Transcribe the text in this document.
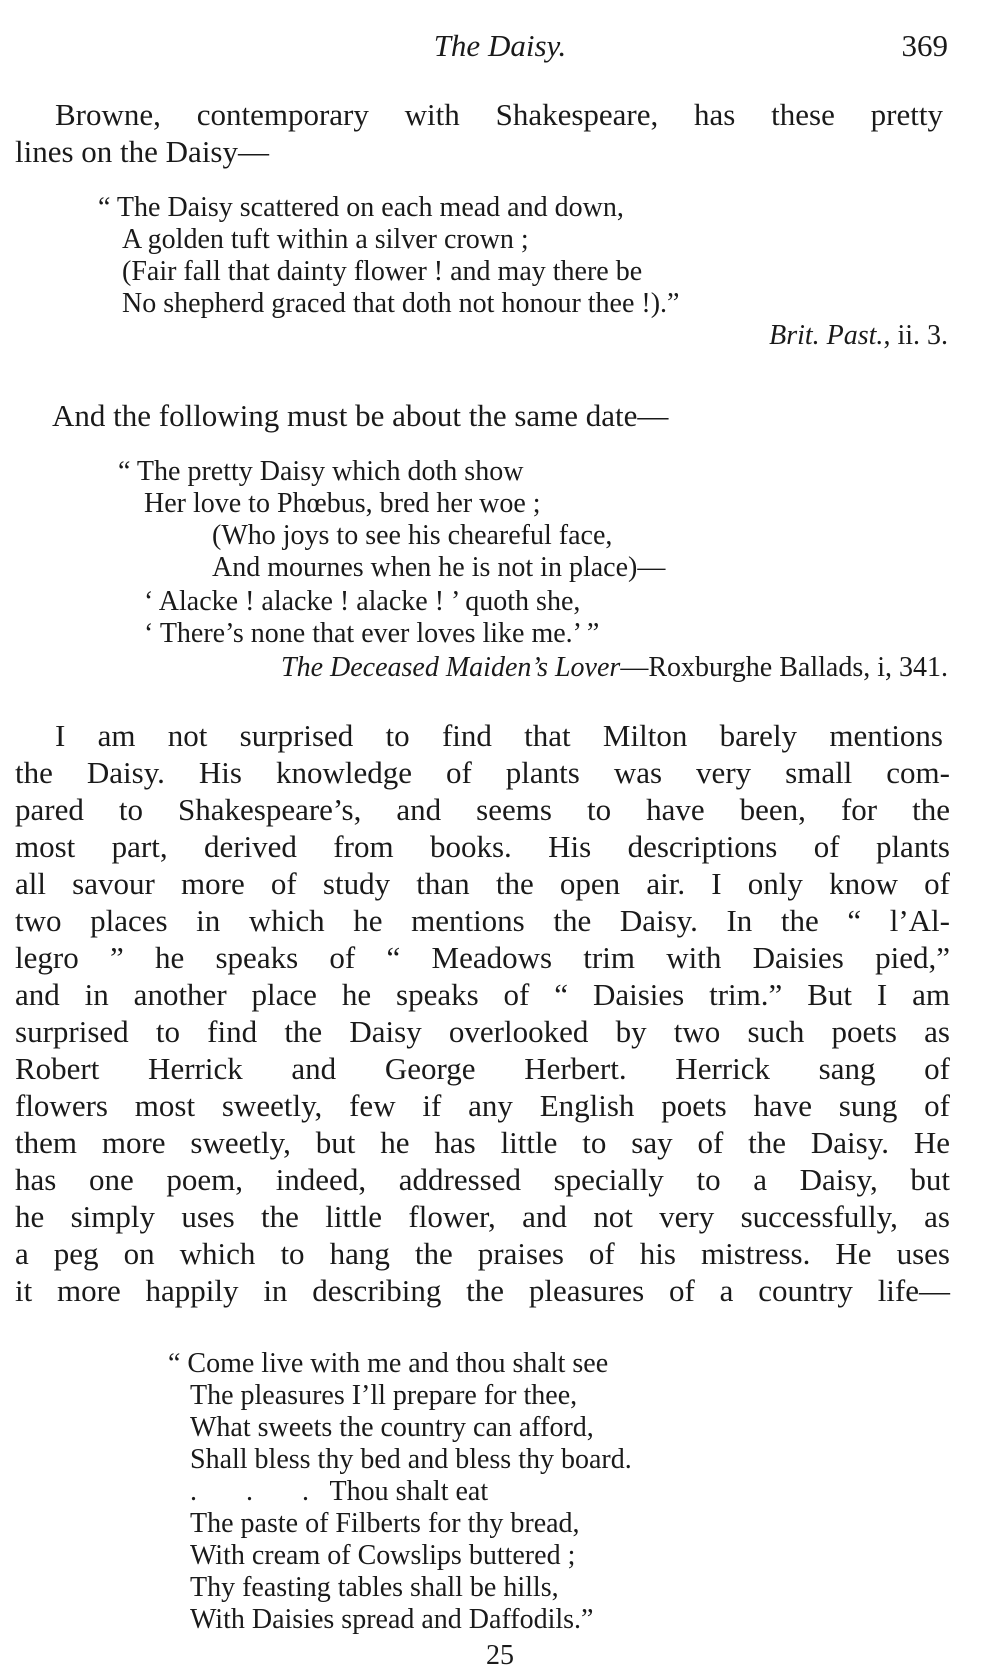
The Daisy.	369
Browne, contemporary with Shakespeare, has these pretty
lines on the Daisy—
“ The Daisy scattered on each mead and down,
A golden tuft within a silver crown ;
(Fair fall that dainty flower ! and may there be
No shepherd graced that doth not honour thee !).”
Brit. Past., ii. 3.
And the following must be about the same date—
“ The pretty Daisy which doth show
Her love to Phœbus, bred her woe ;
(Who joys to see his cheareful face,
And mournes when he is not in place)—
‘ Alacke ! alacke ! alacke ! ’ quoth she,
‘ There’s none that ever loves like me.’ ”
The Deceased Maiden’s Lover—Roxburghe Ballads, i, 341.
I am not surprised to find that Milton barely mentions
the Daisy. His knowledge of plants was very small com-
pared to Shakespeare’s, and seems to have been, for the
most part, derived from books. His descriptions of plants
all savour more of study than the open air. I only know of
two places in which he mentions the Daisy. In the “ l’Al-
legro ” he speaks of “ Meadows trim with Daisies pied,”
and in another place he speaks of “ Daisies trim.” But I am
surprised to find the Daisy overlooked by two such poets as
Robert Herrick and George Herbert. Herrick sang of
flowers most sweetly, few if any English poets have sung of
them more sweetly, but he has little to say of the Daisy. He
has one poem, indeed, addressed specially to a Daisy, but
he simply uses the little flower, and not very successfully, as
a peg on which to hang the praises of his mistress. He uses
it more happily in describing the pleasures of a country life—
“ Come live with me and thou shalt see
The pleasures I’ll prepare for thee,
What sweets the country can afford,
Shall bless thy bed and bless thy board.
.       .       .   Thou shalt eat
The paste of Filberts for thy bread,
With cream of Cowslips buttered ;
Thy feasting tables shall be hills,
With Daisies spread and Daffodils.”
25
